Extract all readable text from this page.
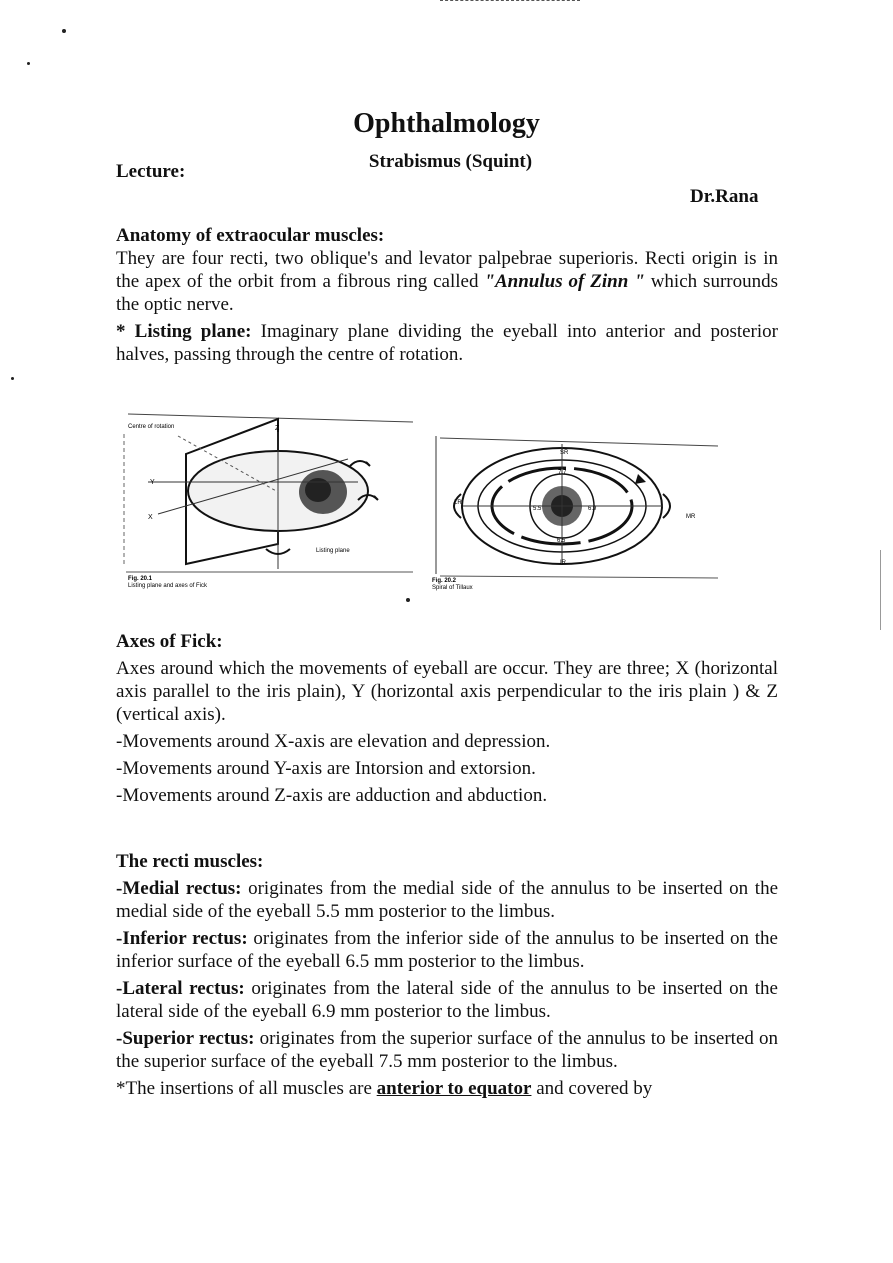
Ophthalmology
Strabismus (Squint)
Lecture:
Dr.Rana
Anatomy of extraocular muscles:
They are four recti, two oblique's and levator palpebrae superioris. Recti origin is in the apex of the orbit from a fibrous ring called "Annulus of Zinn " which surrounds the optic nerve.
* Listing plane: Imaginary plane dividing the eyeball into anterior and posterior halves, passing through the centre of rotation.
Centre of rotation
Y
X
Z
Listing plane
Fig. 20.1
Listing plane and axes of Fick
7.7
5.5	6.9
6.5
SR
IR
MR
LR
Fig. 20.2
Spiral of Tillaux
Axes of Fick:
Axes around which the movements of eyeball are occur. They are three; X (horizontal axis parallel to the iris plain), Y (horizontal axis perpendicular to the iris plain ) & Z (vertical axis).
-Movements around X-axis are elevation and depression.
-Movements around Y-axis are Intorsion and extorsion.
-Movements around Z-axis are adduction and abduction.
The recti muscles:
-Medial rectus: originates from the medial side of the annulus to be inserted on the medial side of the eyeball 5.5 mm posterior to the limbus.
-Inferior rectus: originates from the inferior side of the annulus to be inserted on the inferior surface of the eyeball 6.5 mm posterior to the limbus.
-Lateral rectus: originates from the lateral side of the annulus to be inserted on the lateral side of the eyeball 6.9 mm posterior to the limbus.
-Superior rectus: originates from the superior surface of the annulus to be inserted on the superior surface of the eyeball 7.5 mm posterior to the limbus.
*The insertions of all muscles are anterior to equator and covered by
